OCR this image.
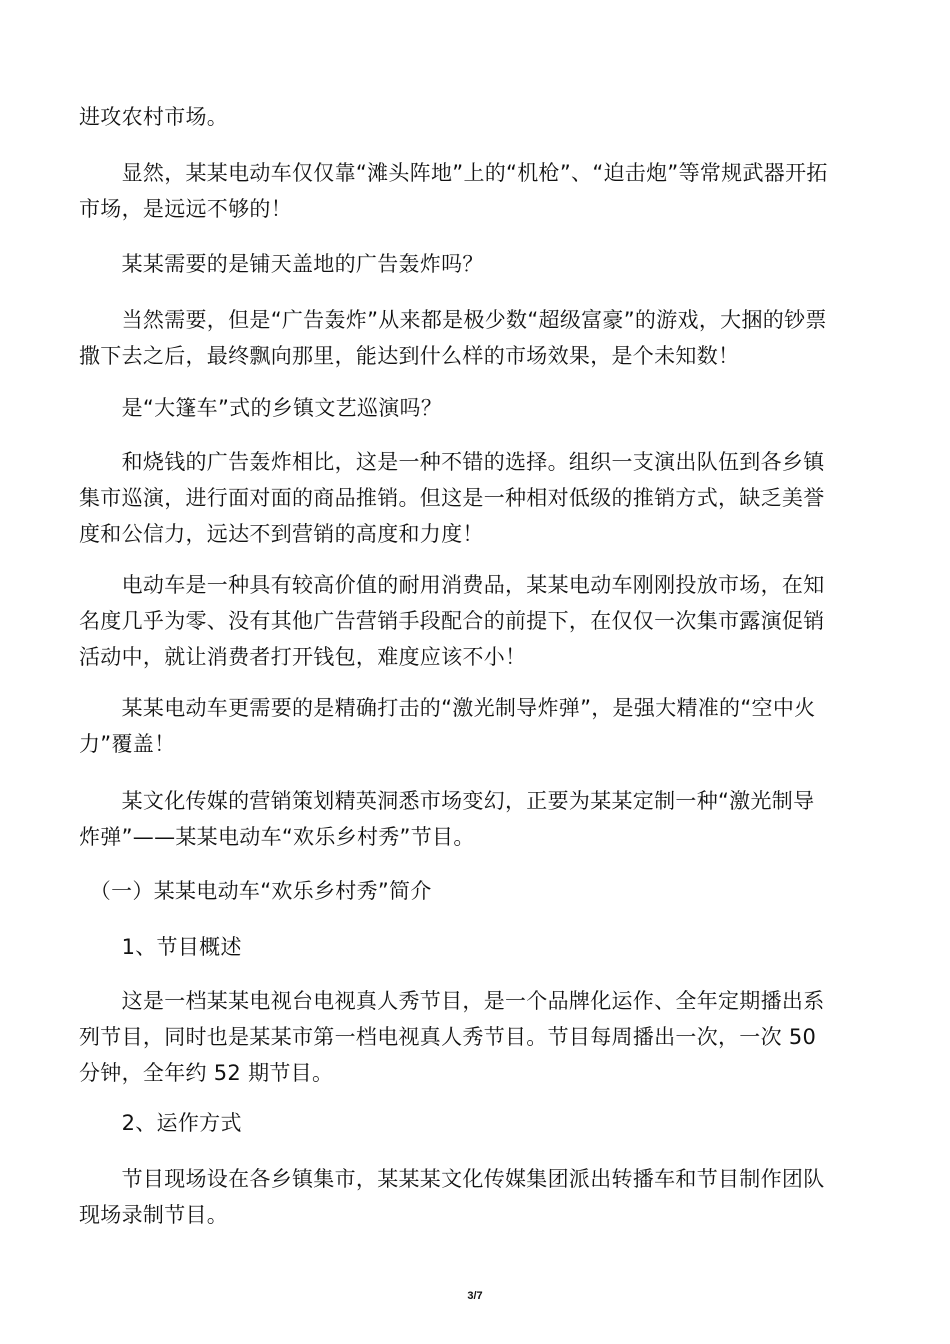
进攻农村市场。

　　显然，某某电动车仅仅靠“滩头阵地”上的“机枪”、“迫击炮”等常规武器开拓
市场，是远远不够的！

　　某某需要的是铺天盖地的广告轰炸吗？

　　当然需要，但是“广告轰炸”从来都是极少数“超级富豪”的游戏，大捆的钞票
撒下去之后，最终飘向那里，能达到什么样的市场效果，是个未知数！

　　是“大篷车”式的乡镇文艺巡演吗？

　　和烧钱的广告轰炸相比，这是一种不错的选择。组织一支演出队伍到各乡镇
集市巡演，进行面对面的商品推销。但这是一种相对低级的推销方式，缺乏美誉
度和公信力，远达不到营销的高度和力度！

　　电动车是一种具有较高价值的耐用消费品，某某电动车刚刚投放市场，在知
名度几乎为零、没有其他广告营销手段配合的前提下，在仅仅一次集市露演促销
活动中，就让消费者打开钱包，难度应该不小！

　　某某电动车更需要的是精确打击的“激光制导炸弹”，是强大精准的“空中火
力”覆盖！

　　某文化传媒的营销策划精英洞悉市场变幻，正要为某某定制一种“激光制导
炸弹”——某某电动车“欢乐乡村秀”节目。

　（一）某某电动车“欢乐乡村秀”简介

　　1、节目概述

　　这是一档某某电视台电视真人秀节目，是一个品牌化运作、全年定期播出系
列节目，同时也是某某市第一档电视真人秀节目。节目每周播出一次，一次 50
分钟，全年约 52 期节目。

　　2、运作方式

　　节目现场设在各乡镇集市，某某某文化传媒集团派出转播车和节目制作团队
现场录制节目。

3/7
